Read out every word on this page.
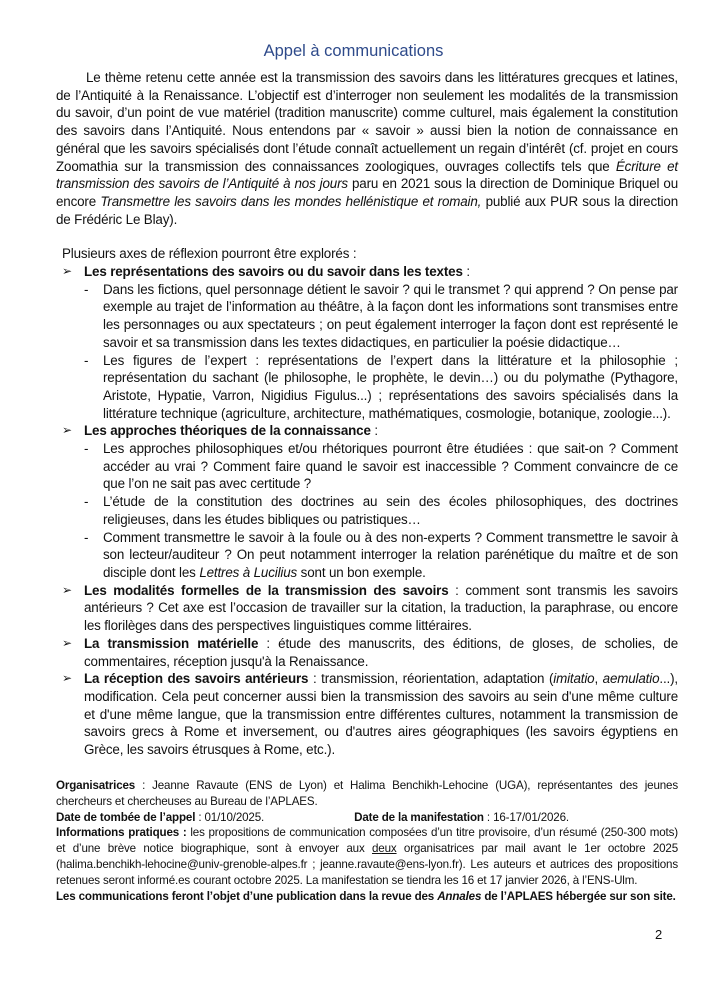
Appel à communications

Le thème retenu cette année est la transmission des savoirs dans les littératures grecques et latines, de l’Antiquité à la Renaissance. L’objectif est d’interroger non seulement les modalités de la transmission du savoir, d’un point de vue matériel (tradition manuscrite) comme culturel, mais également la constitution des savoirs dans l’Antiquité. Nous entendons par « savoir » aussi bien la notion de connaissance en général que les savoirs spécialisés dont l’étude connaît actuellement un regain d’intérêt (cf. projet en cours Zoomathia sur la transmission des connaissances zoologiques, ouvrages collectifs tels que Écriture et transmission des savoirs de l’Antiquité à nos jours paru en 2021 sous la direction de Dominique Briquel ou encore Transmettre les savoirs dans les mondes hellénistique et romain, publié aux PUR sous la direction de Frédéric Le Blay).

Plusieurs axes de réflexion pourront être explorés :

➢ Les représentations des savoirs ou du savoir dans les textes :
-	Dans les fictions, quel personnage détient le savoir ? qui le transmet ? qui apprend ? On pense par exemple au trajet de l’information au théâtre, à la façon dont les informations sont transmises entre les personnages ou aux spectateurs ; on peut également interroger la façon dont est représenté le savoir et sa transmission dans les textes didactiques, en particulier la poésie didactique…
-	Les figures de l’expert : représentations de l’expert dans la littérature et la philosophie ; représentation du sachant (le philosophe, le prophète, le devin…) ou du polymathe (Pythagore, Aristote, Hypatie, Varron, Nigidius Figulus...) ; représentations des savoirs spécialisés dans la littérature technique (agriculture, architecture, mathématiques, cosmologie, botanique, zoologie...).
➢ Les approches théoriques de la connaissance :
-	Les approches philosophiques et/ou rhétoriques pourront être étudiées : que sait-on ? Comment accéder au vrai ? Comment faire quand le savoir est inaccessible ? Comment convaincre de ce que l’on ne sait pas avec certitude ?
-	L’étude de la constitution des doctrines au sein des écoles philosophiques, des doctrines religieuses, dans les études bibliques ou patristiques…
-	Comment transmettre le savoir à la foule ou à des non-experts ? Comment transmettre le savoir à son lecteur/auditeur ? On peut notamment interroger la relation parénétique du maître et de son disciple dont les Lettres à Lucilius sont un bon exemple.
➢ Les modalités formelles de la transmission des savoirs : comment sont transmis les savoirs antérieurs ? Cet axe est l’occasion de travailler sur la citation, la traduction, la paraphrase, ou encore les florilèges dans des perspectives linguistiques comme littéraires.
➢ La transmission matérielle : étude des manuscrits, des éditions, de gloses, de scholies, de commentaires, réception jusqu'à la Renaissance.
➢ La réception des savoirs antérieurs : transmission, réorientation, adaptation (imitatio, aemulatio...), modification. Cela peut concerner aussi bien la transmission des savoirs au sein d'une même culture et d'une même langue, que la transmission entre différentes cultures, notamment la transmission de savoirs grecs à Rome et inversement, ou d'autres aires géographiques (les savoirs égyptiens en Grèce, les savoirs étrusques à Rome, etc.).

Organisatrices : Jeanne Ravaute (ENS de Lyon) et Halima Benchikh-Lehocine (UGA), représentantes des jeunes chercheurs et chercheuses au Bureau de l’APLAES.

Date de tombée de l’appel : 01/10/2025.	Date de la manifestation : 16-17/01/2026.

Informations pratiques : les propositions de communication composées d’un titre provisoire, d’un résumé (250-300 mots) et d’une brève notice biographique, sont à envoyer aux deux organisatrices par mail avant le 1er octobre 2025 (halima.benchikh-lehocine@univ-grenoble-alpes.fr ; jeanne.ravaute@ens-lyon.fr). Les auteurs et autrices des propositions retenues seront informé.es courant octobre 2025. La manifestation se tiendra les 16 et 17 janvier 2026, à l’ENS-Ulm.

Les communications feront l’objet d’une publication dans la revue des Annales de l’APLAES hébergée sur son site.

2
